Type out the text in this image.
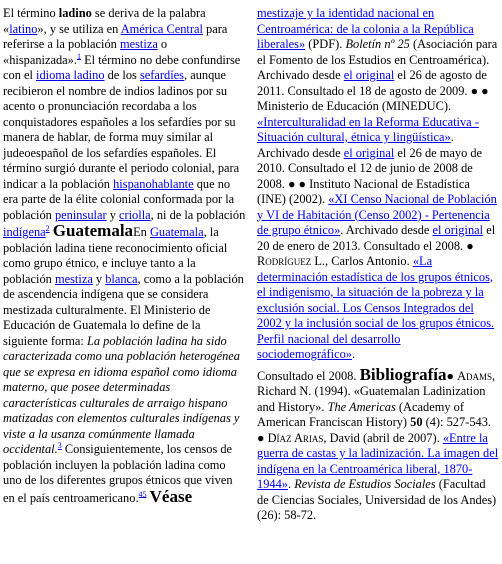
El término ladino se deriva de la palabra «latino», y se utiliza en América Central para referirse a la población mestiza o «hispanizada».$^1$ El término no debe confundirse con el idioma ladino de los sefardíes, aunque recibieron el nombre de indios ladinos por su acento o pronunciación recordaba a los conquistadores españoles a los sefardíes por su manera de hablar, de forma muy similar al judeoespañol de los sefardíes españoles. El término surgió durante el periodo colonial, para indicar a la población hispanohablante que no era parte de la élite colonial conformada por la población peninsular y criolla, ni de la población indígena$^2$ GuatemalaEn Guatemala, la población ladina tiene reconocimiento oficial como grupo étnico, e incluye tanto a la población mestiza y blanca, como a la población de ascendencia indígena que se considera mestizada culturalmente. El Ministerio de Educación de Guatemala lo define de la siguiente forma: La población ladina ha sido caracterizada como una población heterogénea que se expresa en idioma español como idioma materno, que posee determinadas características culturales de arraigo hispano matizadas con elementos culturales indígenas y viste a la usanza comúnmente llamada occidental.$^3$ Consiguientemente, los censos de población incluyen la población ladina como uno de los diferentes grupos étnicos que viven en el país centroamericano.$^{45}$ Véase

mestizaje y la identidad nacional en Centroamérica: de la colonia a la República liberales» (PDF). Boletín nº 25 (Asociación para el Fomento de los Estudios en Centroamérica). Archivado desde el original el 26 de agosto de 2011. Consultado el 18 de agosto de 2009. ● ● Ministerio de Educación (MINEDUC). «Interculturalidad en la Reforma Educativa - Situación cultural, étnica y lingüística». Archivado desde el original el 26 de mayo de 2010. Consultado el 12 de junio de 2008 de 2008. ● ● Instituto Nacional de Estadística (INE) (2002). «XI Censo Nacional de Población y VI de Habitación (Censo 2002) - Pertenencia de grupo étnico». Archivado desde el original el 20 de enero de 2013. Consultado el 2008. ● Rodríguez L., Carlos Antonio. «La determinación estadística de los grupos étnicos, el indigenismo, la situación de la pobreza y la exclusión social. Los Censos Integrados del 2002 y la inclusión social de los grupos étnicos. Perfil nacional del desarrollo sociodemográfico».

Consultado el 2008. Bibliografía● Adams, Richard N. (1994). «Guatemalan Ladinization and History». The Americas (Academy of American Franciscan History) 50 (4): 527-543. ● Díaz Arias, David (abril de 2007). «Entre la guerra de castas y la ladinización. La imagen del indígena en la Centroamérica liberal, 1870-1944». Revista de Estudios Sociales (Facultad de Ciencias Sociales, Universidad de los Andes) (26): 58-72.
